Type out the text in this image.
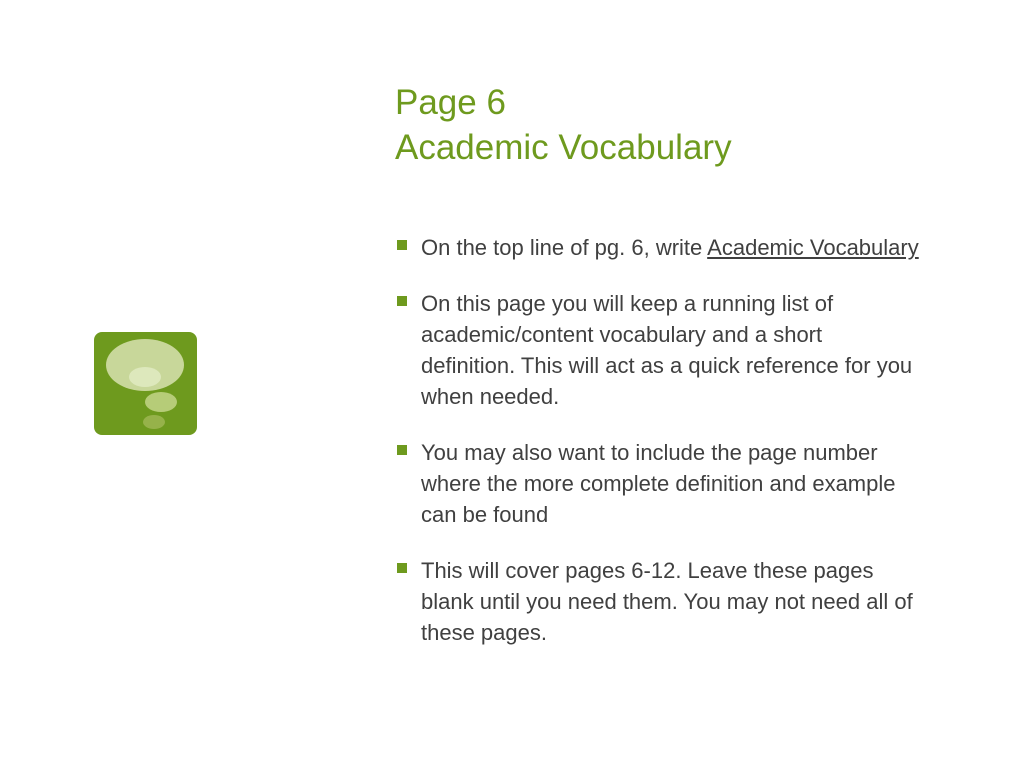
Page 6
Academic Vocabulary
On the top line of pg. 6, write Academic Vocabulary
On this page you will keep a running list of academic/content vocabulary and a short definition. This will act as a quick reference for you when needed.
You may also want to include the page number where the more complete definition and example can be found
This will cover pages 6-12. Leave these pages blank until you need them. You may not need all of these pages.
